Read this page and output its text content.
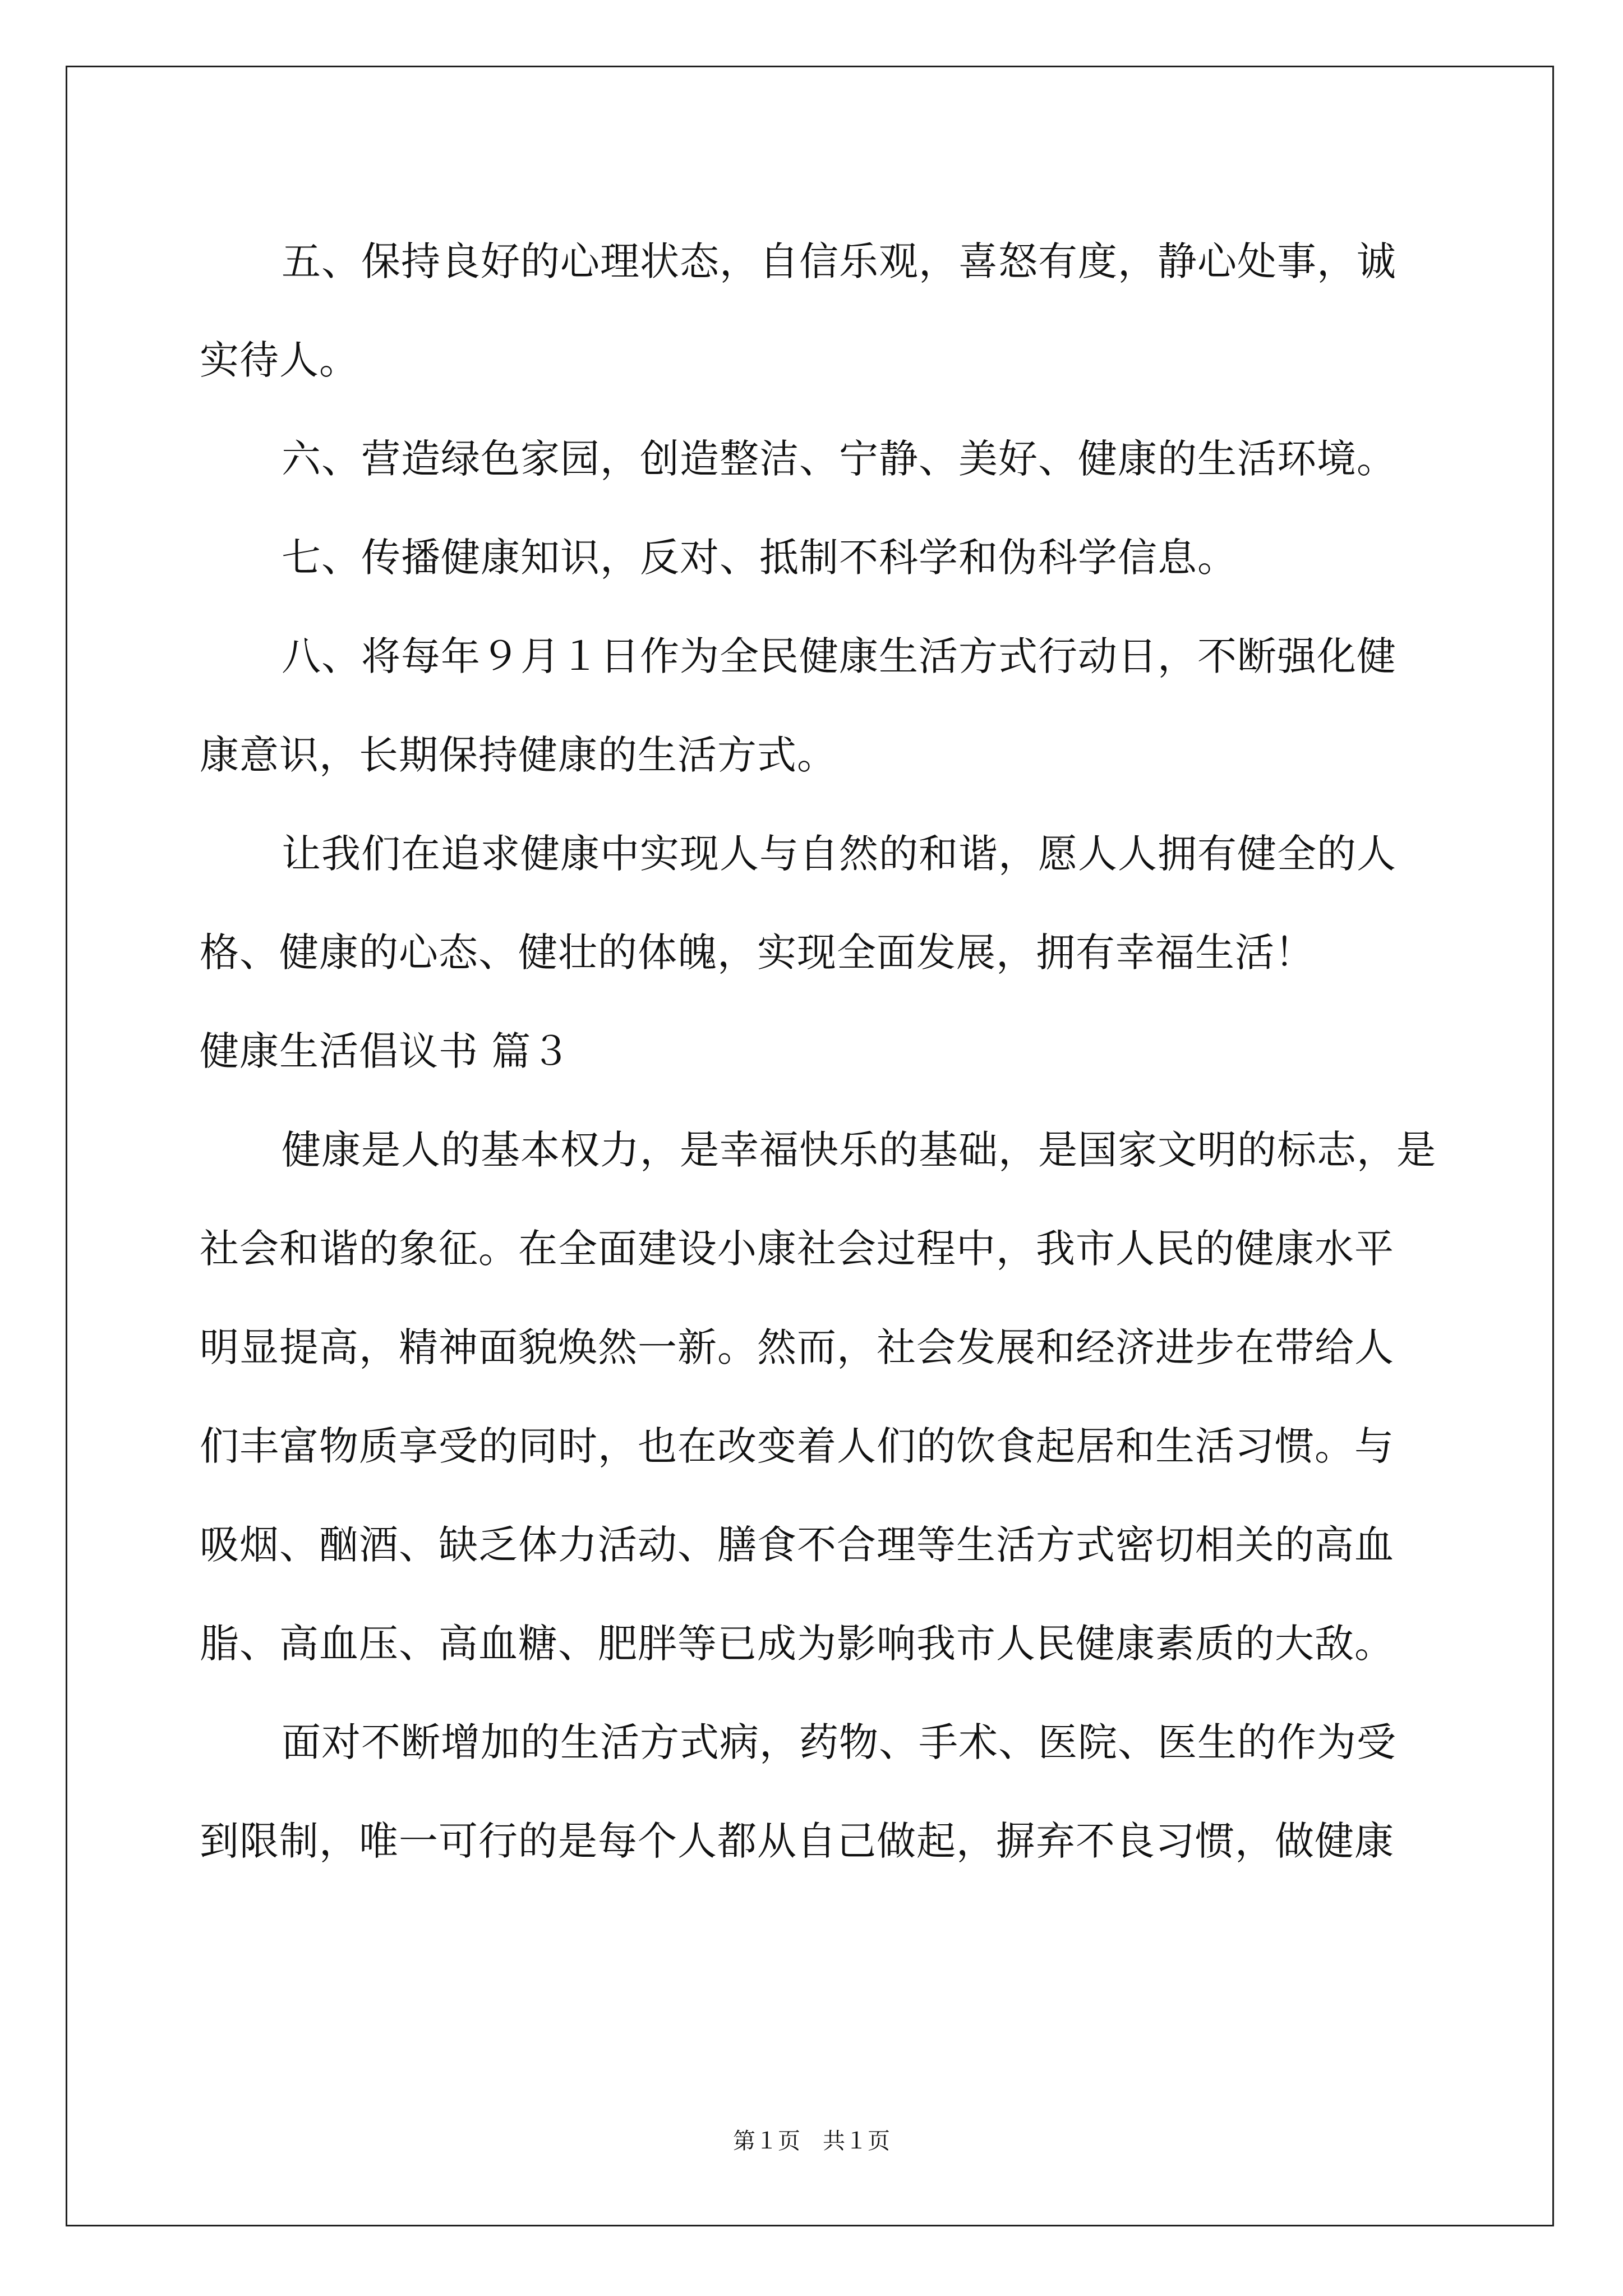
五、保持良好的心理状态，自信乐观，喜怒有度，静心处事，诚

实待人。

六、营造绿色家园，创造整洁、宁静、美好、健康的生活环境。

七、传播健康知识，反对、抵制不科学和伪科学信息。

八、将每年９月１日作为全民健康生活方式行动日，不断强化健

康意识，长期保持健康的生活方式。

让我们在追求健康中实现人与自然的和谐，愿人人拥有健全的人

格、健康的心态、健壮的体魄，实现全面发展，拥有幸福生活！

健康生活倡议书 篇３

健康是人的基本权力，是幸福快乐的基础，是国家文明的标志，是

社会和谐的象征。在全面建设小康社会过程中，我市人民的健康水平

明显提高，精神面貌焕然一新。然而，社会发展和经济进步在带给人

们丰富物质享受的同时，也在改变着人们的饮食起居和生活习惯。与

吸烟、酗酒、缺乏体力活动、膳食不合理等生活方式密切相关的高血

脂、高血压、高血糖、肥胖等已成为影响我市人民健康素质的大敌。

面对不断增加的生活方式病，药物、手术、医院、医生的作为受

到限制，唯一可行的是每个人都从自己做起，摒弃不良习惯，做健康

第１页　共１页
